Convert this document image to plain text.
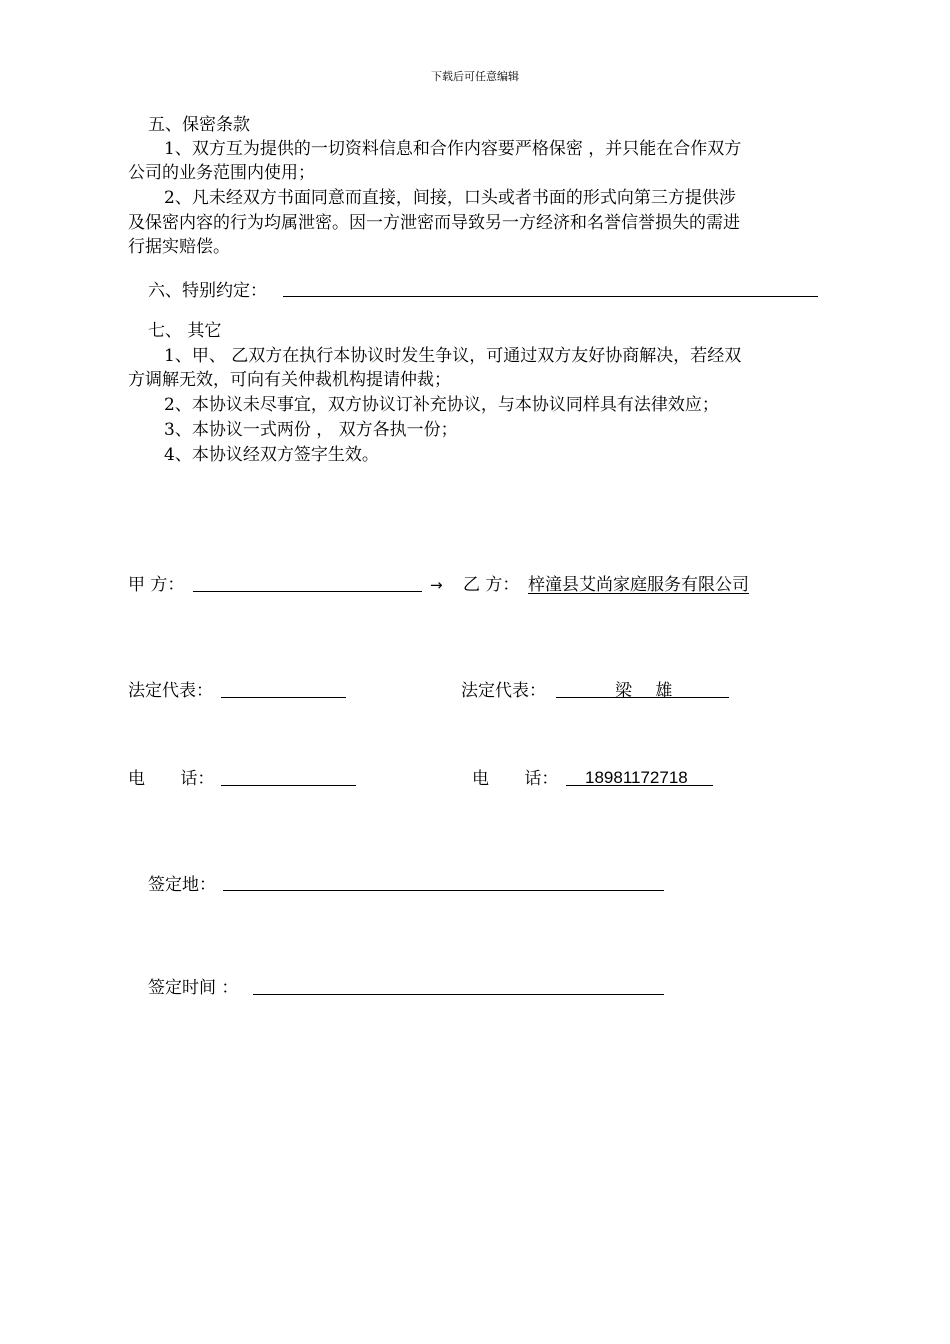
下载后可任意编辑
五、保密条款
1、双方互为提供的一切资料信息和合作内容要严格保密 ，并只能在合作双方
公司的业务范围内使用；
2、凡未经双方书面同意而直接，间接，口头或者书面的形式向第三方提供涉
及保密内容的行为均属泄密。因一方泄密而导致另一方经济和名誉信誉损失的需进
行据实赔偿。
六、特别约定：
七、 其它
1、甲、 乙双方在执行本协议时发生争议，可通过双方友好协商解决，若经双
方调解无效，可向有关仲裁机构提请仲裁；
2、本协议未尽事宜，双方协议订补充协议，与本协议同样具有法律效应；
3、本协议一式两份 ， 双方各执一份；
4、本协议经双方签字生效。
甲 方：	→ 乙 方： 梓潼县艾尚家庭服务有限公司
法定代表：	法定代表：	梁 雄
电 话：	电 话： 18981172718
签定地：
签定时间 ：
